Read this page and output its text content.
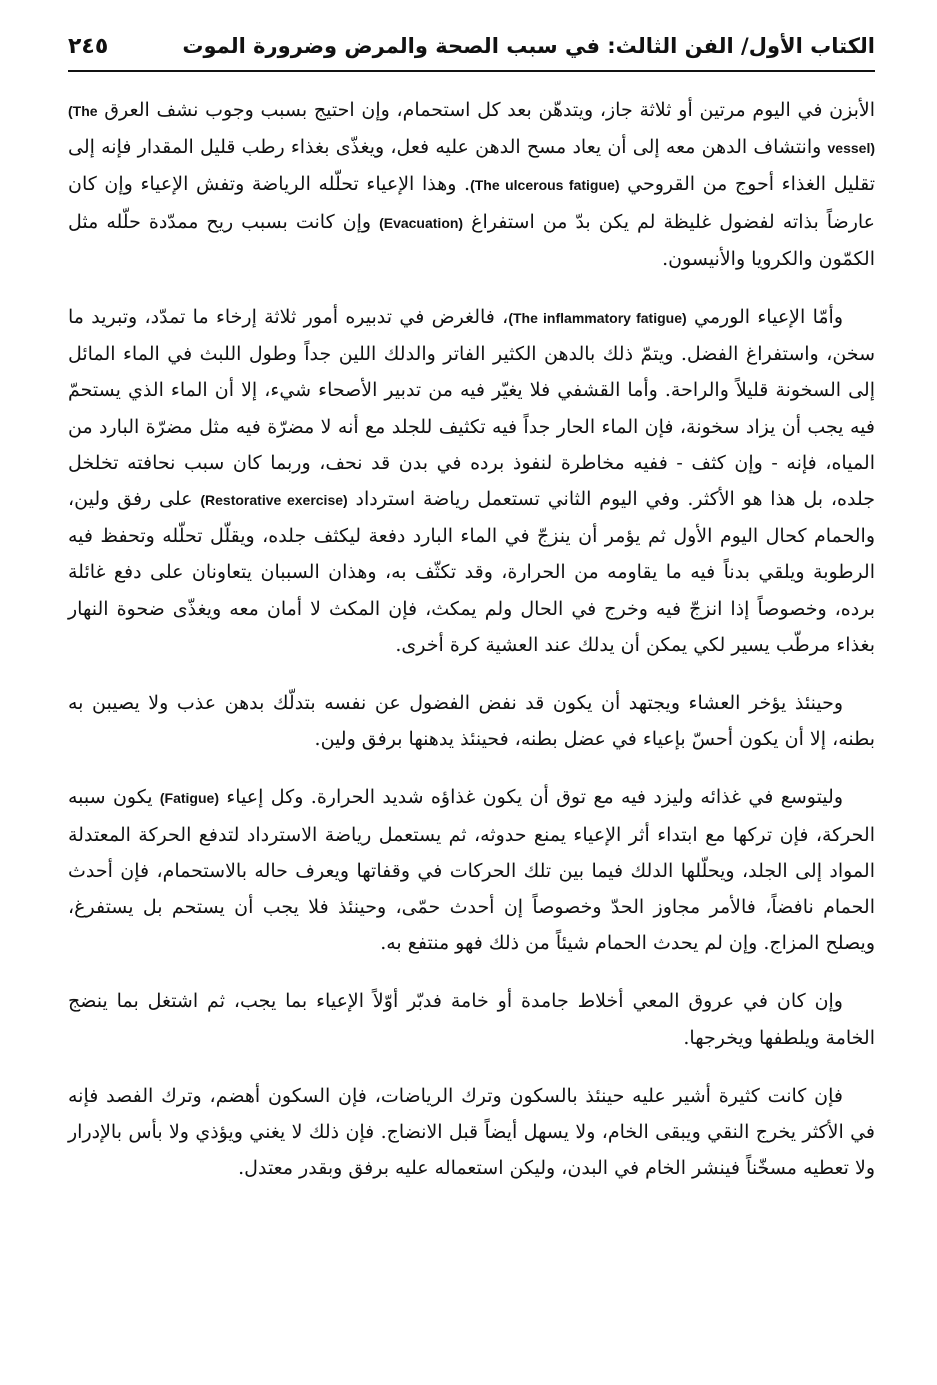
الكتاب الأول/ الفن الثالث: في سبب الصحة والمرض وضرورة الموت
٢٤٥

الأبزن في اليوم مرتين أو ثلاثة جاز، ويتدهّن بعد كل استحمام، وإن احتيج بسبب وجوب نشف العرق (The vessel) وانتشاف الدهن معه إلى أن يعاد مسح الدهن عليه فعل، ويغذّى بغذاء رطب قليل المقدار فإنه إلى تقليل الغذاء أحوج من القروحي (The ulcerous fatigue). وهذا الإعياء تحلّله الرياضة وتفش الإعياء وإن كان عارضاً بذاته لفضول غليظة لم يكن بدّ من استفراغ (Evacuation) وإن كانت بسبب ريح ممدّدة حلّله مثل الكمّون والكرويا والأنيسون.

وأمّا الإعياء الورمي (The inflammatory fatigue)، فالغرض في تدبيره أمور ثلاثة إرخاء ما تمدّد، وتبريد ما سخن، واستفراغ الفضل. ويتمّ ذلك بالدهن الكثير الفاتر والدلك اللين جداً وطول اللبث في الماء المائل إلى السخونة قليلاً والراحة. وأما القشفي فلا يغيّر فيه من تدبير الأصحاء شيء، إلا أن الماء الذي يستحمّ فيه يجب أن يزاد سخونة، فإن الماء الحار جداً فيه تكثيف للجلد مع أنه لا مضرّة فيه مثل مضرّة البارد من المياه، فإنه - وإن كثف - ففيه مخاطرة لنفوذ برده في بدن قد نحف، وربما كان سبب نحافته تخلخل جلده، بل هذا هو الأكثر. وفي اليوم الثاني تستعمل رياضة استرداد (Restorative exercise) على رفق ولين، والحمام كحال اليوم الأول ثم يؤمر أن ينزجّ في الماء البارد دفعة ليكثف جلده، ويقلّل تحلّله وتحفظ فيه الرطوبة ويلقي بدناً فيه ما يقاومه من الحرارة، وقد تكثّف به، وهذان السببان يتعاونان على دفع غائلة برده، وخصوصاً إذا انزجّ فيه وخرج في الحال ولم يمكث، فإن المكث لا أمان معه ويغذّى ضحوة النهار بغذاء مرطّب يسير لكي يمكن أن يدلك عند العشية كرة أخرى.

وحينئذ يؤخر العشاء ويجتهد أن يكون قد نفض الفضول عن نفسه بتدلّك بدهن عذب ولا يصيبن به بطنه، إلا أن يكون أحسّ بإعياء في عضل بطنه، فحينئذ يدهنها برفق ولين.

وليتوسع في غذائه وليزد فيه مع توق أن يكون غذاؤه شديد الحرارة. وكل إعياء (Fatigue) يكون سببه الحركة، فإن تركها مع ابتداء أثر الإعياء يمنع حدوثه، ثم يستعمل رياضة الاسترداد لتدفع الحركة المعتدلة المواد إلى الجلد، ويحلّلها الدلك فيما بين تلك الحركات في وقفاتها ويعرف حاله بالاستحمام، فإن أحدث الحمام نافضاً، فالأمر مجاوز الحدّ وخصوصاً إن أحدث حمّى، وحينئذ فلا يجب أن يستحم بل يستفرغ، ويصلح المزاج. وإن لم يحدث الحمام شيئاً من ذلك فهو منتفع به.

وإن كان في عروق المعي أخلاط جامدة أو خامة فدبّر أوّلاً الإعياء بما يجب، ثم اشتغل بما ينضج الخامة ويلطفها ويخرجها.

فإن كانت كثيرة أشير عليه حينئذ بالسكون وترك الرياضات، فإن السكون أهضم، وترك الفصد فإنه في الأكثر يخرج النقي ويبقى الخام، ولا يسهل أيضاً قبل الانضاج. فإن ذلك لا يغني ويؤذي ولا بأس بالإدرار ولا تعطيه مسخّناً فينشر الخام في البدن، وليكن استعماله عليه برفق وبقدر معتدل.
